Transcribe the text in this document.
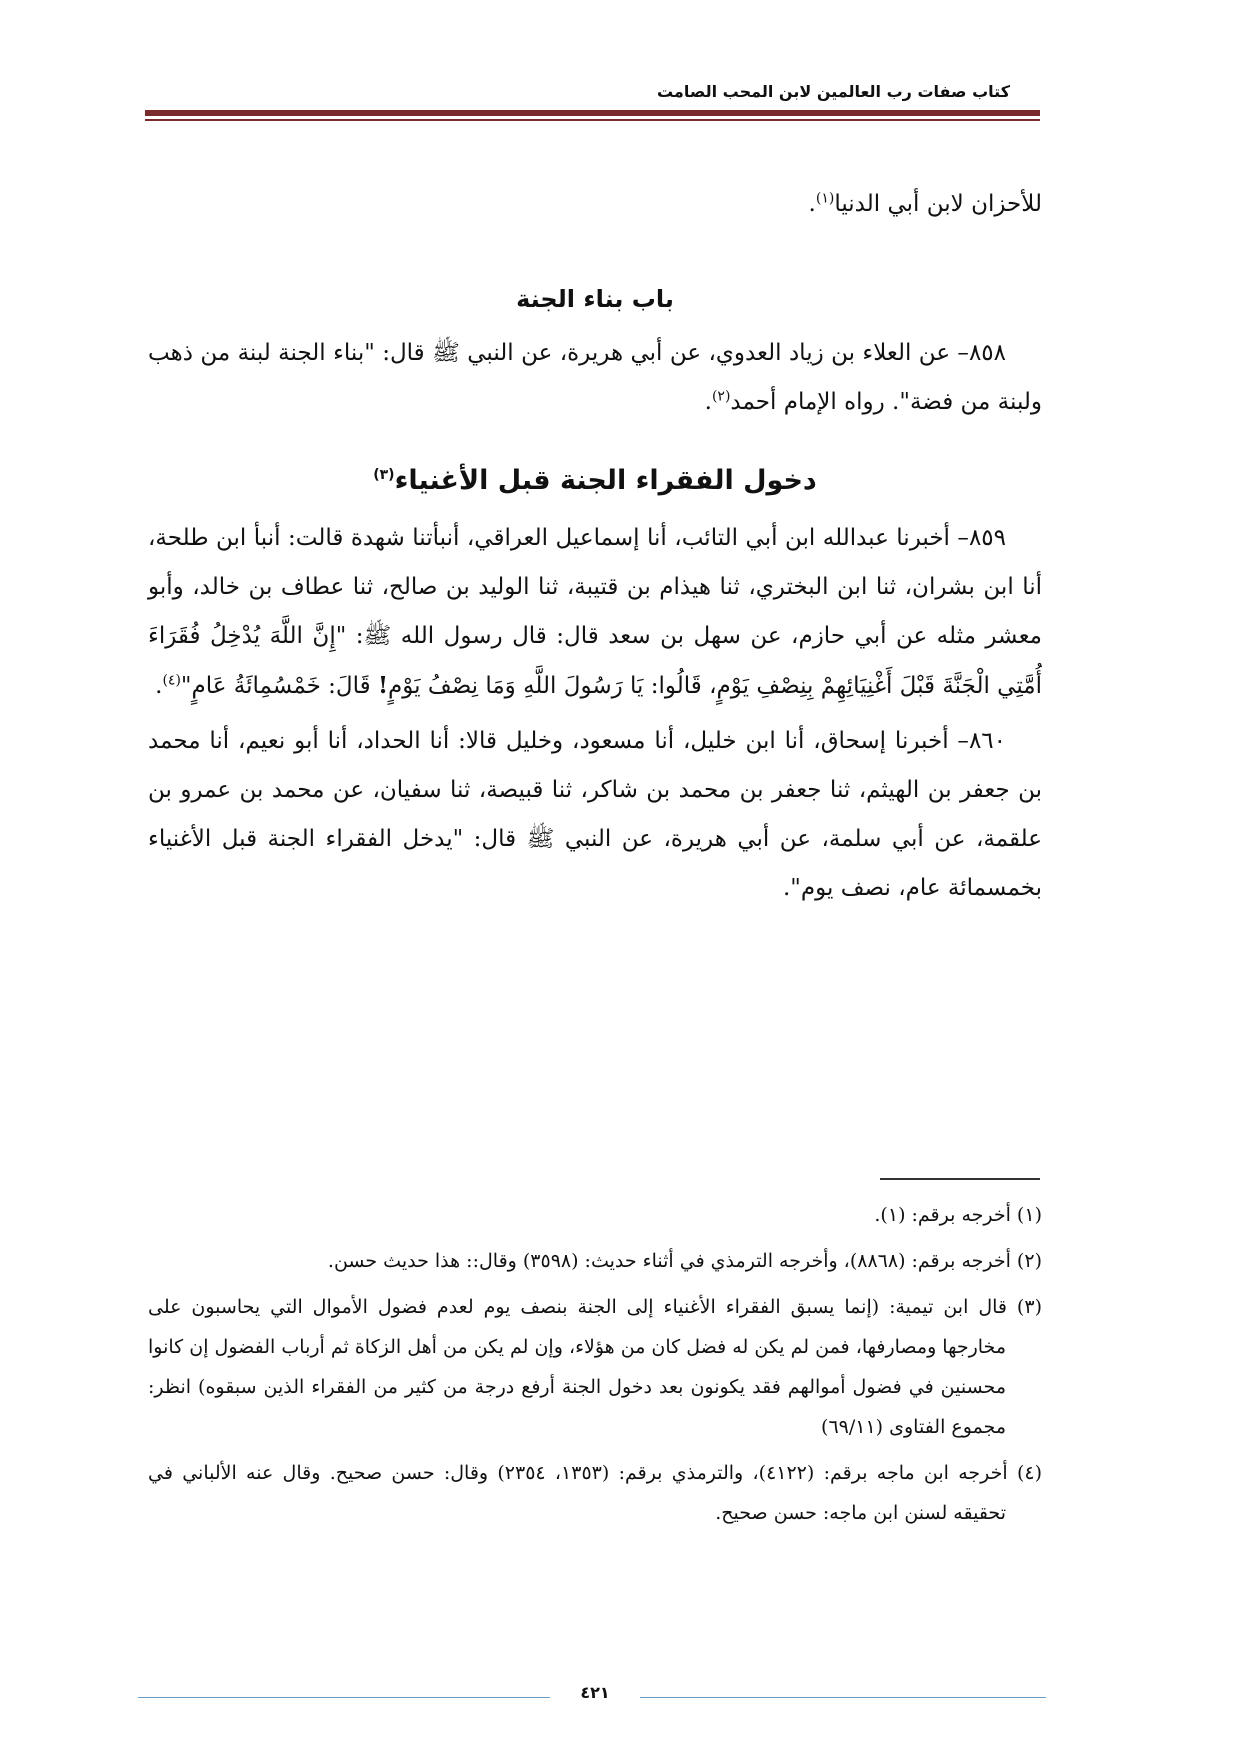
كتاب صفات رب العالمين لابن المحب الصامت

للأحزان لابن أبي الدنيا$^{(١)}$.

باب بناء الجنة

٨٥٨– عن العلاء بن زياد العدوي، عن أبي هريرة، عن النبي ﷺ قال: "بناء الجنة لبنة من ذهب ولبنة من فضة". رواه الإمام أحمد$^{(٢)}$.

دخول الفقراء الجنة قبل الأغنياء$^{(٣)}$

٨٥٩– أخبرنا عبدالله ابن أبي التائب، أنا إسماعيل العراقي، أنبأتنا شهدة قالت: أنبأ ابن طلحة، أنا ابن بشران، ثنا ابن البختري، ثنا هيذام بن قتيبة، ثنا الوليد بن صالح، ثنا عطاف بن خالد، وأبو معشر مثله عن أبي حازم، عن سهل بن سعد قال: قال رسول الله ﷺ: "إِنَّ اللَّهَ يُدْخِلُ فُقَرَاءَ أُمَّتِي الْجَنَّةَ قَبْلَ أَغْنِيَائِهِمْ بِنِصْفِ يَوْمٍ، قَالُوا: يَا رَسُولَ اللَّهِ وَمَا نِصْفُ يَوْمٍ! قَالَ: خَمْسُمِائَةُ عَامٍ"$^{(٤)}$.

٨٦٠– أخبرنا إسحاق، أنا ابن خليل، أنا مسعود، وخليل قالا: أنا الحداد، أنا أبو نعيم، أنا محمد بن جعفر بن الهيثم، ثنا جعفر بن محمد بن شاكر، ثنا قبيصة، ثنا سفيان، عن محمد بن عمرو بن علقمة، عن أبي سلمة، عن أبي هريرة، عن النبي ﷺ قال: "يدخل الفقراء الجنة قبل الأغنياء بخمسمائة عام، نصف يوم".

(١) أخرجه برقم: (١).

(٢) أخرجه برقم: (٨٨٦٨)، وأخرجه الترمذي في أثناء حديث: (٣٥٩٨) وقال:: هذا حديث حسن.

(٣) قال ابن تيمية: (إنما يسبق الفقراء الأغنياء إلى الجنة بنصف يوم لعدم فضول الأموال التي يحاسبون على مخارجها ومصارفها، فمن لم يكن له فضل كان من هؤلاء، وإن لم يكن من أهل الزكاة ثم أرباب الفضول إن كانوا محسنين في فضول أموالهم فقد يكونون بعد دخول الجنة أرفع درجة من كثير من الفقراء الذين سبقوه) انظر: مجموع الفتاوى (٦٩/١١)

(٤) أخرجه ابن ماجه برقم: (٤١٢٢)، والترمذي برقم: (١٣٥٣، ٢٣٥٤) وقال: حسن صحيح. وقال عنه الألباني في تحقيقه لسنن ابن ماجه: حسن صحيح.

٤٢١
